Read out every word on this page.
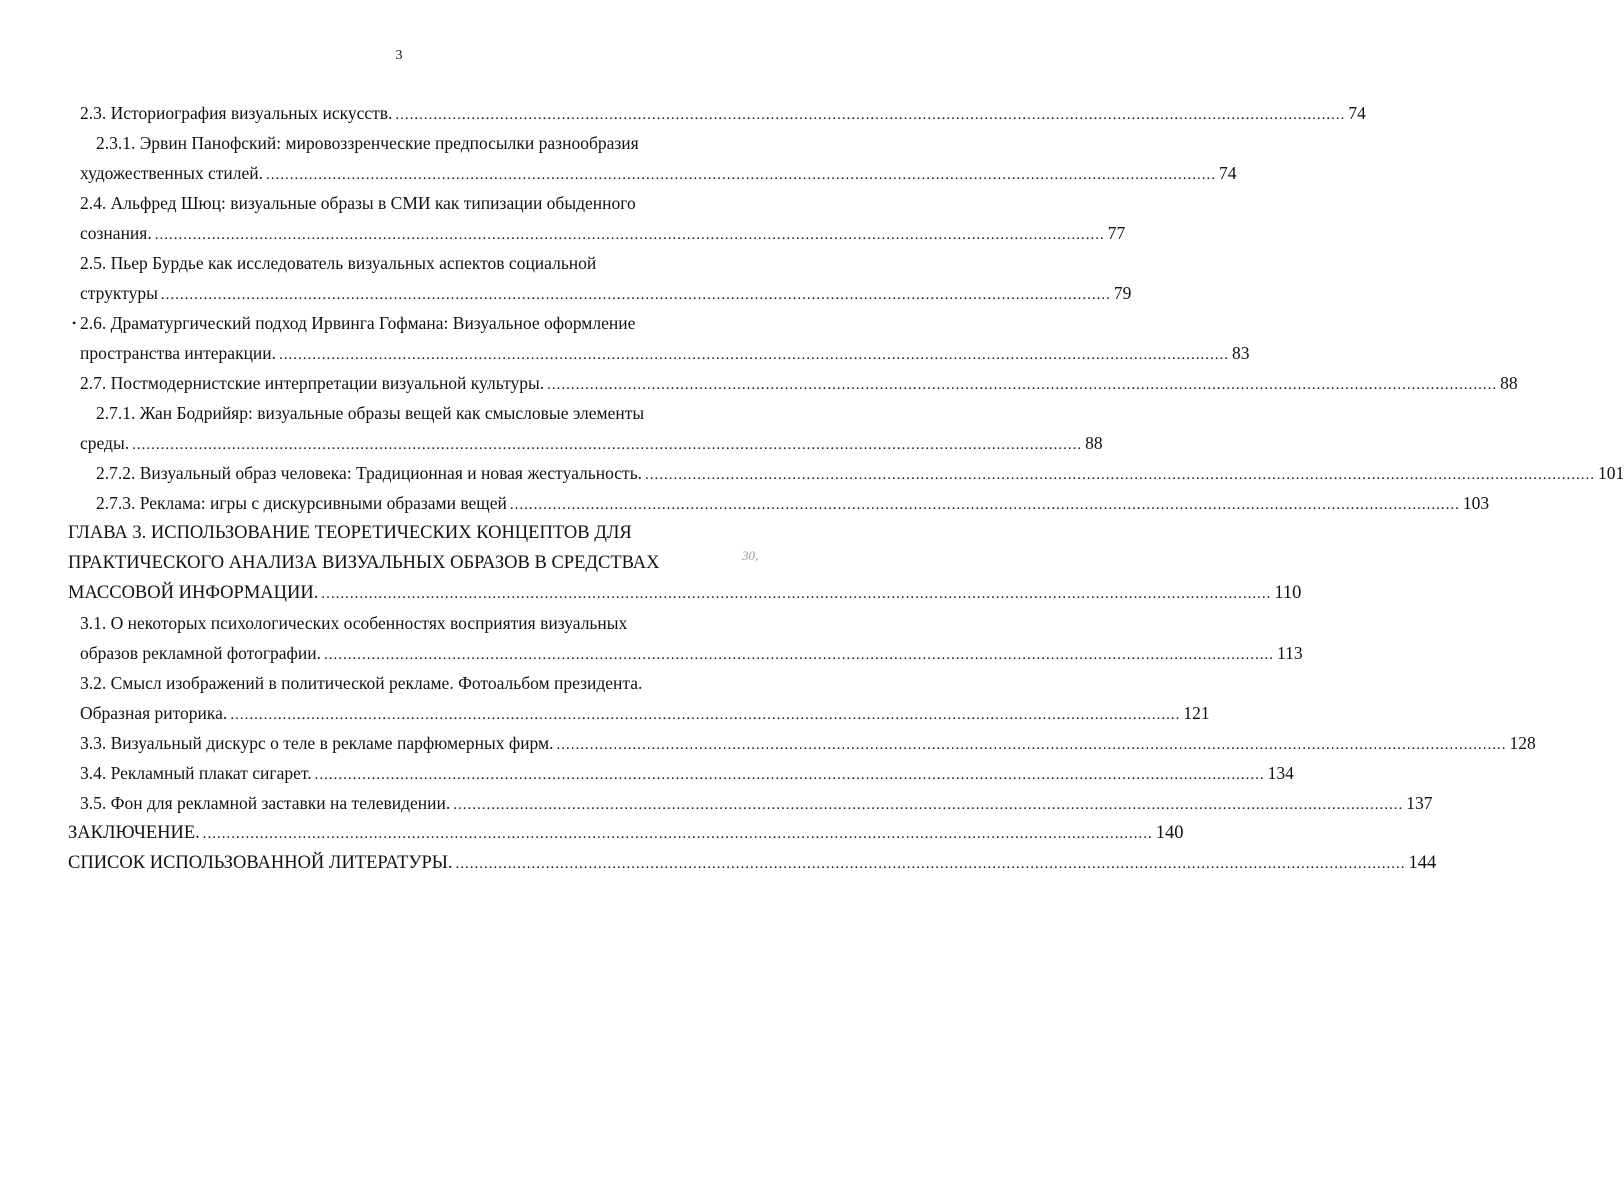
3
2.3. Историография визуальных искусств. ........................................................................................................................................................................................................ 74
2.3.1. Эрвин Панофский: мировоззренческие предпосылки разнообразия
художественных стилей. ........................................................................................................................................................................................................ 74
2.4. Альфред Шюц: визуальные образы в СМИ как типизации обыденного
сознания. ........................................................................................................................................................................................................ 77
2.5. Пьер Бурдье как исследователь визуальных аспектов социальной
структуры ........................................................................................................................................................................................................ 79
2.6. Драматургический подход Ирвинга Гофмана: Визуальное оформление
пространства интеракции. ........................................................................................................................................................................................................ 83
•
2.7. Постмодернистские интерпретации визуальной культуры. ........................................................................................................................................................................................................ 88
2.7.1. Жан Бодрийяр: визуальные образы вещей как смысловые элементы
среды. ........................................................................................................................................................................................................ 88
2.7.2. Визуальный образ человека: Традиционная и новая жестуальность. ........................................................................................................................................................................................................ 101
2.7.3. Реклама: игры с дискурсивными образами вещей ........................................................................................................................................................................................................ 103
ГЛАВА 3. ИСПОЛЬЗОВАНИЕ ТЕОРЕТИЧЕСКИХ КОНЦЕПТОВ ДЛЯ
ПРАКТИЧЕСКОГО АНАЛИЗА ВИЗУАЛЬНЫХ ОБРАЗОВ В СРЕДСТВАХ
МАССОВОЙ ИНФОРМАЦИИ. ........................................................................................................................................................................................................ 110
3.1. О некоторых психологических особенностях восприятия визуальных
образов рекламной фотографии. ........................................................................................................................................................................................................ 113
3.2. Смысл изображений в политической рекламе. Фотоальбом президента.
Образная риторика. ........................................................................................................................................................................................................ 121
3.3. Визуальный дискурс о теле в рекламе парфюмерных фирм. ........................................................................................................................................................................................................ 128
3.4. Рекламный плакат сигарет. ........................................................................................................................................................................................................ 134
3.5. Фон для рекламной заставки на телевидении. ........................................................................................................................................................................................................ 137
ЗАКЛЮЧЕНИЕ. ........................................................................................................................................................................................................ 140
СПИСОК ИСПОЛЬЗОВАННОЙ ЛИТЕРАТУРЫ. ........................................................................................................................................................................................................ 144
30,
